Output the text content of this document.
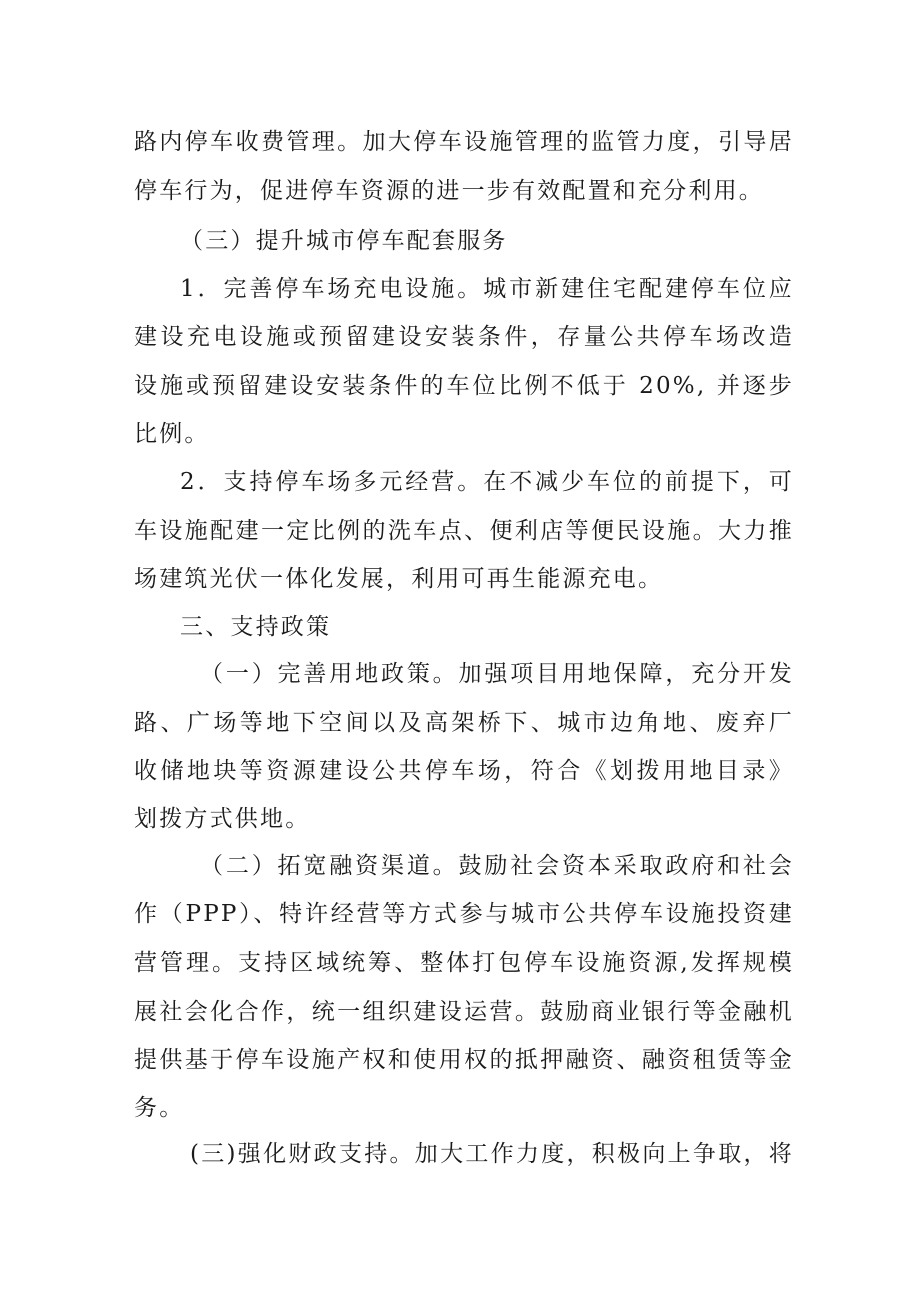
路内停车收费管理。加大停车设施管理的监管力度，引导居
停车行为，促进停车资源的进一步有效配置和充分利用。
（三）提升城市停车配套服务
1．完善停车场充电设施。城市新建住宅配建停车位应
建设充电设施或预留建设安装条件，存量公共停车场改造
设施或预留建设安装条件的车位比例不低于 20%, 并逐步
比例。
2．支持停车场多元经营。在不减少车位的前提下，可
车设施配建一定比例的洗车点、便利店等便民设施。大力推
场建筑光伏一体化发展，利用可再生能源充电。
三、支持政策
（一）完善用地政策。加强项目用地保障，充分开发
路、广场等地下空间以及高架桥下、城市边角地、废弃厂
收储地块等资源建设公共停车场，符合《划拨用地目录》
划拨方式供地。
（二）拓宽融资渠道。鼓励社会资本采取政府和社会
作（PPP）、特许经营等方式参与城市公共停车设施投资建
营管理。支持区域统筹、整体打包停车设施资源,发挥规模
展社会化合作，统一组织建设运营。鼓励商业银行等金融机
提供基于停车设施产权和使用权的抵押融资、融资租赁等金
务。
(三)强化财政支持。加大工作力度，积极向上争取，将
